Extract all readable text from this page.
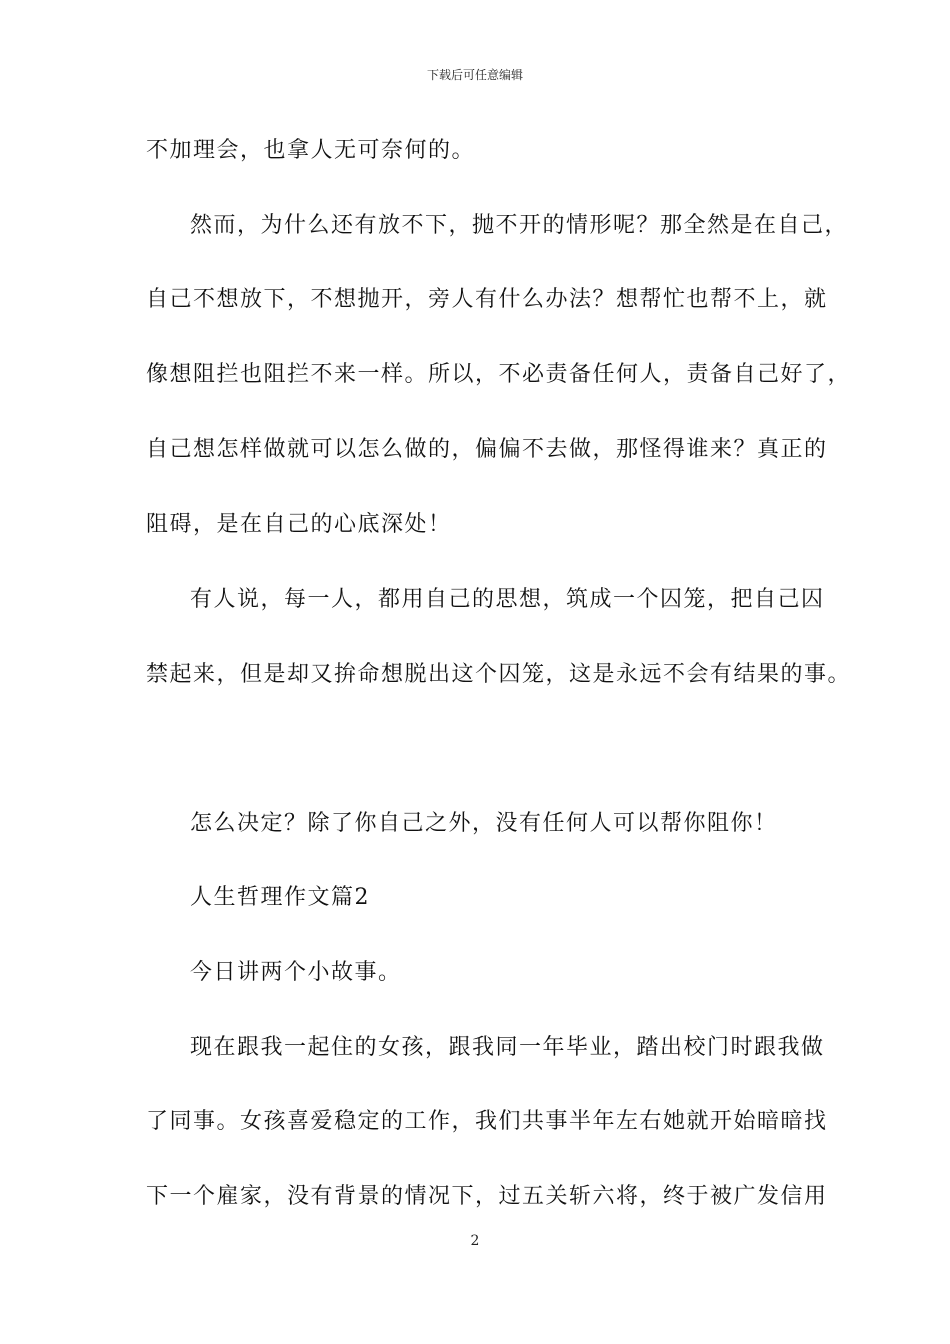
下载后可任意编辑
不加理会，也拿人无可奈何的。
然而，为什么还有放不下，抛不开的情形呢？那全然是在自己，
自己不想放下，不想抛开，旁人有什么办法？想帮忙也帮不上，就
像想阻拦也阻拦不来一样。所以，不必责备任何人，责备自己好了，
自己想怎样做就可以怎么做的，偏偏不去做，那怪得谁来？真正的
阻碍，是在自己的心底深处！
有人说，每一人，都用自己的思想，筑成一个囚笼，把自己囚
禁起来，但是却又拚命想脱出这个囚笼，这是永远不会有结果的事。
怎么决定？除了你自己之外，没有任何人可以帮你阻你！
人生哲理作文篇2
今日讲两个小故事。
现在跟我一起住的女孩，跟我同一年毕业，踏出校门时跟我做
了同事。女孩喜爱稳定的工作，我们共事半年左右她就开始暗暗找
下一个雇家，没有背景的情况下，过五关斩六将，终于被广发信用
2
